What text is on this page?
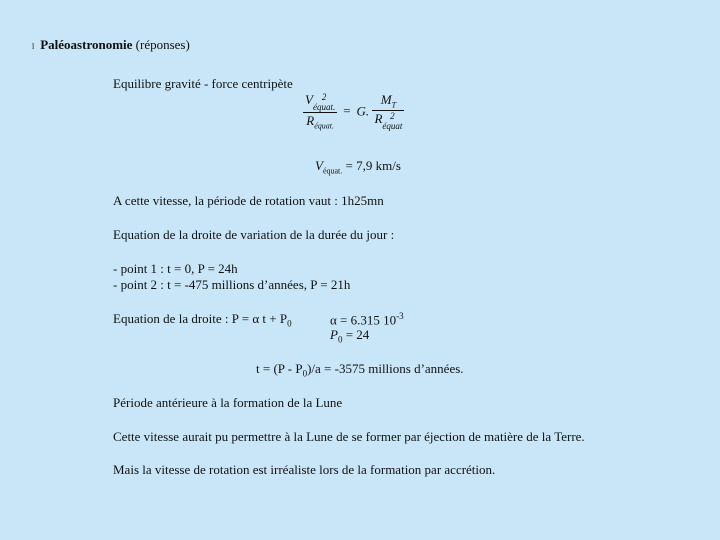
l Paléoastronomie (réponses)
Equilibre gravité - force centripète
V 2
équat.
$R_{équat.} = G$. $M_T$
R 2
équat
$V_{équat.} = 7,9$ km/s
A cette vitesse, la période de rotation vaut : 1h25mn
Equation de la droite de variation de la durée du jour :
- point 1 : t = 0, P = 24h
- point 2 : t = -475 millions d’années, P = 21h
Equation de la droite : P = α $t + P_0$	α = 6.315 $10^{-3}$
$P_0 = 24$
$t = (P - P_0)/a = -3575$ millions d’années.
Période antérieure à la formation de la Lune
Cette vitesse aurait pu permettre à la Lune de se former par éjection de matière de la Terre.
Mais la vitesse de rotation est irréaliste lors de la formation par accrétion.
